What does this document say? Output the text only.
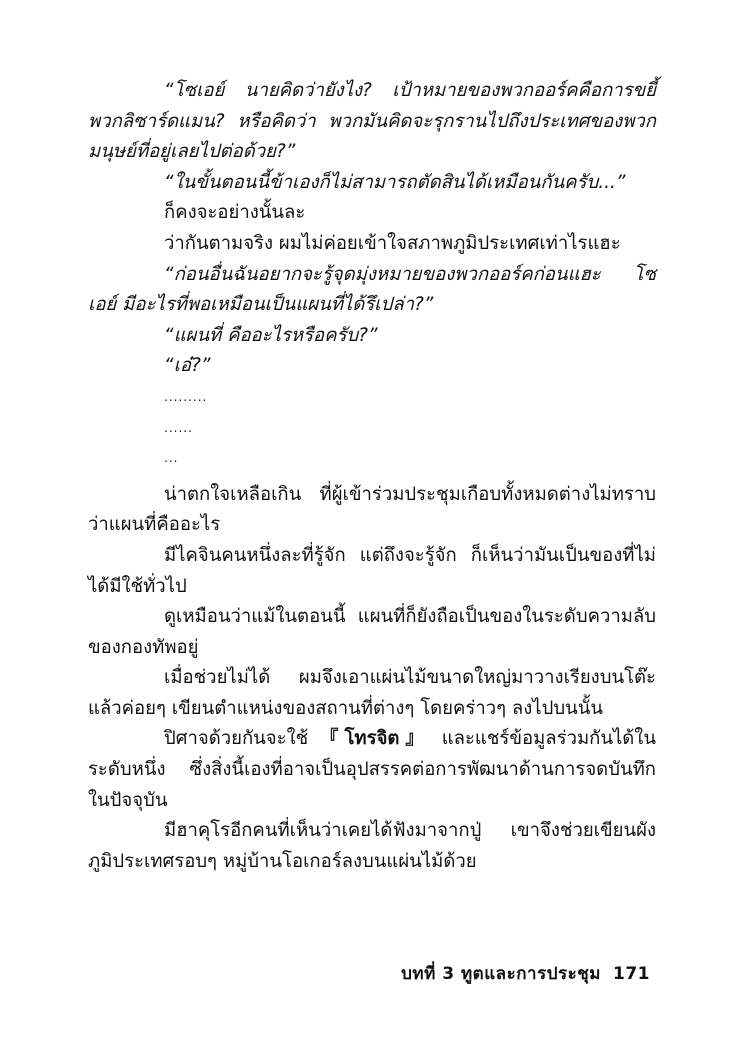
“โซเอย์ นายคิดว่ายังไง? เป้าหมายของพวกออร์คคือการขยี้พวกลิซาร์ดแมน? หรือคิดว่า พวกมันคิดจะรุกรานไปถึงประเทศของพวกมนุษย์ที่อยู่เลยไปต่อด้วย?”

“ในขั้นตอนนี้ข้าเองก็ไม่สามารถตัดสินได้เหมือนกันครับ...”

ก็คงจะอย่างนั้นละ

ว่ากันตามจริง ผมไม่ค่อยเข้าใจสภาพภูมิประเทศเท่าไรแฮะ

“ก่อนอื่นฉันอยากจะรู้จุดมุ่งหมายของพวกออร์คก่อนแฮะ โซเอย์ มีอะไรที่พอเหมือนเป็นแผนที่ได้รึเปล่า?”

“แผนที่ คืออะไรหรือครับ?”

“เอ๋?”

.........

......

...

น่าตกใจเหลือเกิน ที่ผู้เข้าร่วมประชุมเกือบทั้งหมดต่างไม่ทราบว่าแผนที่คืออะไร

มีไคจินคนหนึ่งละที่รู้จัก แต่ถึงจะรู้จัก ก็เห็นว่ามันเป็นของที่ไม่ได้มีใช้ทั่วไป

ดูเหมือนว่าแม้ในตอนนี้ แผนที่ก็ยังถือเป็นของในระดับความลับของกองทัพอยู่

เมื่อช่วยไม่ได้ ผมจึงเอาแผ่นไม้ขนาดใหญ่มาวางเรียงบนโต๊ะ แล้วค่อยๆ เขียนตำแหน่งของสถานที่ต่างๆ โดยคร่าวๆ ลงไปบนนั้น

ปิศาจด้วยกันจะใช้ 『โทรจิต』 และแชร์ข้อมูลร่วมกันได้ในระดับหนึ่ง ซึ่งสิ่งนี้เองที่อาจเป็นอุปสรรคต่อการพัฒนาด้านการจดบันทึกในปัจจุบัน

มีฮาคุโรอีกคนที่เห็นว่าเคยได้ฟังมาจากปู่ เขาจึงช่วยเขียนผังภูมิประเทศรอบๆ หมู่บ้านโอเกอร์ลงบนแผ่นไม้ด้วย

บทที่ 3 ทูตและการประชุม 171
